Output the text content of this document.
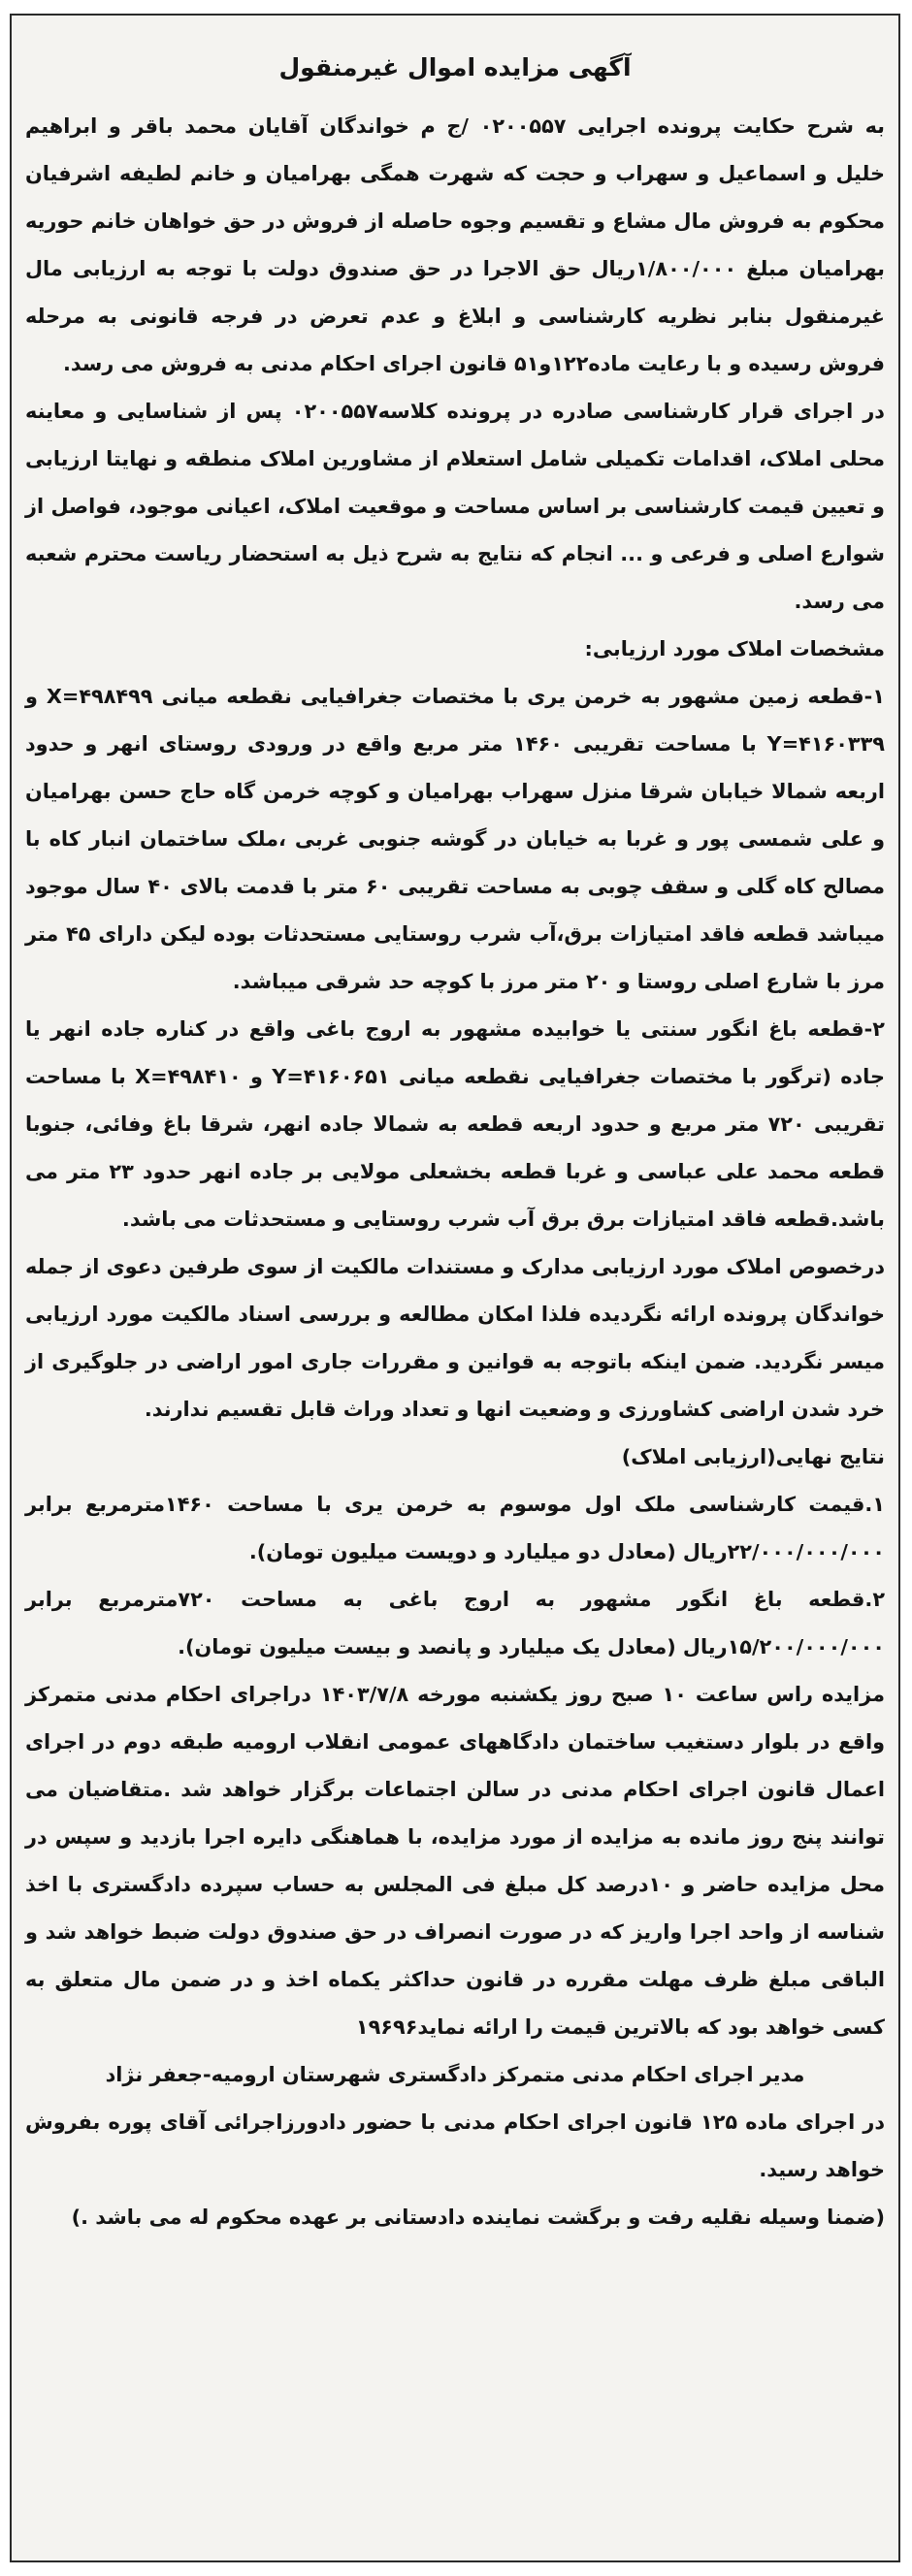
آگهی مزایده اموال غیرمنقول

به شرح حکایت پرونده اجرایی ۰۲۰۰۵۵۷ /ج م خواندگان آقایان محمد باقر و ابراهیم خلیل و اسماعیل و سهراب و حجت که شهرت همگی بهرامیان و خانم لطیفه اشرفیان محکوم به فروش مال مشاع و تقسیم وجوه حاصله از فروش در حق خواهان خانم حوریه بهرامیان مبلغ ۱/۸۰۰/۰۰۰ریال حق الاجرا در حق صندوق دولت با توجه به ارزیابی مال غیرمنقول بنابر نظریه کارشناسی و ابلاغ و عدم تعرض در فرجه قانونی به مرحله فروش رسیده و با رعایت ماده۱۲۲و۵۱ قانون اجرای احکام مدنی به فروش می رسد.

در اجرای قرار کارشناسی صادره در پرونده کلاسه۰۲۰۰۵۵۷ پس از شناسایی و معاینه محلی املاک، اقدامات تکمیلی شامل استعلام از مشاورین املاک منطقه و نهایتا ارزیابی و تعیین قیمت کارشناسی بر اساس مساحت و موقعیت املاک، اعیانی موجود، فواصل از شوارع اصلی و فرعی و ... انجام که نتایج به شرح ذیل به استحضار ریاست محترم شعبه می رسد.

مشخصات املاک مورد ارزیابی:

۱-قطعه زمین مشهور به خرمن یری با مختصات جغرافیایی نقطعه میانی ۴۹۸۴۹۹=X و ۴۱۶۰۳۳۹=Y با مساحت تقریبی ۱۴۶۰ متر مربع واقع در ورودی روستای انهر و حدود اربعه شمالا خیابان شرقا منزل سهراب بهرامیان و کوچه خرمن گاه حاج حسن بهرامیان و علی شمسی پور و غربا به خیابان در گوشه جنوبی غربی ،ملک ساختمان انبار کاه با مصالح کاه گلی و سقف چوبی به مساحت تقریبی ۶۰ متر با قدمت بالای ۴۰ سال موجود میباشد قطعه فاقد امتیازات برق،آب شرب روستایی مستحدثات بوده لیکن دارای ۴۵ متر مرز با شارع اصلی روستا و ۲۰ متر مرز با کوچه حد شرقی میباشد.

۲-قطعه باغ انگور سنتی یا خوابیده مشهور به اروج باغی واقع در کناره جاده انهر یا جاده (ترگور با مختصات جغرافیایی نقطعه میانی ۴۱۶۰۶۵۱=Y و ۴۹۸۴۱۰=X با مساحت تقریبی ۷۲۰ متر مربع و حدود اربعه قطعه به شمالا جاده انهر، شرقا باغ وفائی، جنوبا قطعه محمد علی عباسی و غربا قطعه بخشعلی مولایی بر جاده انهر حدود ۲۳ متر می باشد.قطعه فاقد امتیازات برق برق آب شرب روستایی و مستحدثات می باشد.

درخصوص املاک مورد ارزیابی مدارک و مستندات مالکیت از سوی طرفین دعوی از جمله خواندگان پرونده ارائه نگردیده فلذا امکان مطالعه و بررسی اسناد مالکیت مورد ارزیابی میسر نگردید. ضمن اینکه باتوجه به قوانین و مقررات جاری امور اراضی در جلوگیری از خرد شدن اراضی کشاورزی و وضعیت انها و تعداد وراث قابل تقسیم ندارند.

نتایج نهایی(ارزیابی املاک)

۱.قیمت کارشناسی ملک اول موسوم به خرمن یری با مساحت ۱۴۶۰مترمربع برابر ۲۲/۰۰۰/۰۰۰/۰۰۰ریال (معادل دو میلیارد و دویست میلیون تومان).

۲.قطعه باغ انگور مشهور به اروج باغی به مساحت ۷۲۰مترمربع برابر ۱۵/۲۰۰/۰۰۰/۰۰۰ریال (معادل یک میلیارد و پانصد و بیست میلیون تومان).

مزایده راس ساعت ۱۰ صبح روز یکشنبه مورخه ۱۴۰۳/۷/۸ دراجرای احکام مدنی متمرکز واقع در بلوار دستغیب ساختمان دادگاههای عمومی انقلاب ارومیه طبقه دوم در اجرای اعمال قانون اجرای احکام مدنی در سالن اجتماعات برگزار خواهد شد .متقاضیان می توانند پنج روز مانده به مزایده از مورد مزایده، با هماهنگی دایره اجرا بازدید و سپس در محل مزایده حاضر و ۱۰درصد کل مبلغ فی المجلس به حساب سپرده دادگستری با اخذ شناسه از واحد اجرا واریز که در صورت انصراف در حق صندوق دولت ضبط خواهد شد و الباقی مبلغ ظرف مهلت مقرره در قانون حداکثر یکماه اخذ و در ضمن مال متعلق به کسی خواهد بود که بالاترین قیمت را ارائه نماید۱۹۶۹۶

مدیر اجرای احکام مدنی متمرکز دادگستری شهرستان ارومیه-جعفر نژاد

در اجرای ماده ۱۲۵ قانون اجرای احکام مدنی با حضور دادورزاجرائی آقای پوره بفروش خواهد رسید.

(ضمنا وسیله نقلیه رفت و برگشت نماینده دادستانی بر عهده محکوم له می باشد .)
